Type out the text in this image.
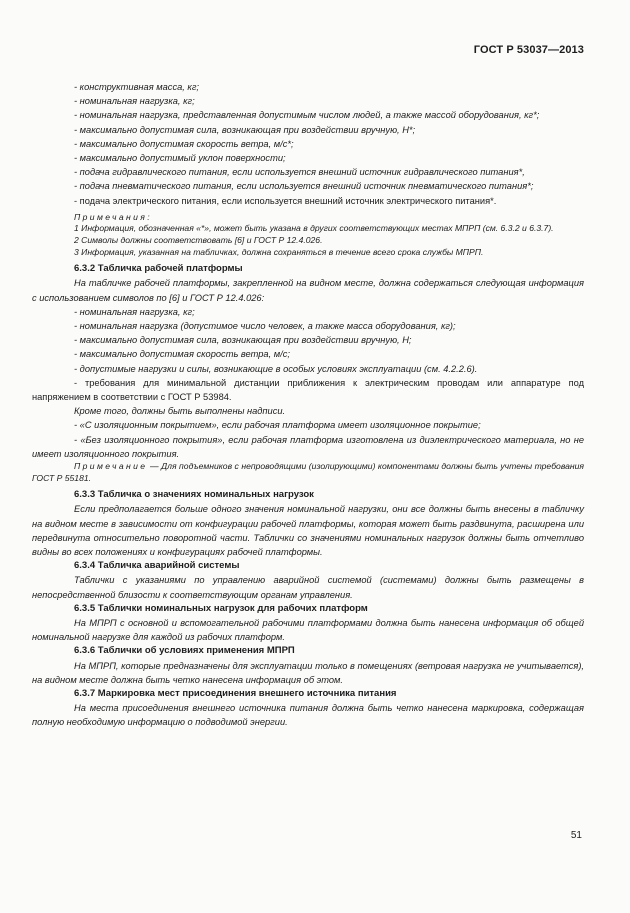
ГОСТ Р 53037—2013

- конструктивная масса, кг;

- номинальная нагрузка, кг;

- номинальная нагрузка, представленная допустимым числом людей, а также массой оборудования, кг*;

- максимально допустимая сила, возникающая при воздействии вручную, Н*;

- максимально допустимая скорость ветра, м/с*;

- максимально допустимый уклон поверхности;

- подача гидравлического питания, если используется внешний источник гидравлического питания*,

- подача пневматического питания, если используется внешний источник пневматического питания*;

- подача электрического питания, если используется внешний источник электрического питания*.

Примечания:

1 Информация, обозначенная «*», может быть указана в других соответствующих местах МПРП (см. 6.3.2 и 6.3.7).

2 Символы должны соответствовать [6] и ГОСТ Р 12.4.026.

3 Информация, указанная на табличках, должна сохраняться в течение всего срока службы МПРП.

6.3.2 Табличка рабочей платформы

На табличке рабочей платформы, закрепленной на видном месте, должна содержаться следующая информация с использованием символов по [6] и ГОСТ Р 12.4.026:

- номинальная нагрузка, кг;

- номинальная нагрузка (допустимое число человек, а также масса оборудования, кг);

- максимально допустимая сила, возникающая при воздействии вручную, Н;

- максимально допустимая скорость ветра, м/с;

- допустимые нагрузки и силы, возникающие в особых условиях эксплуатации (см. 4.2.2.6).

- требования для минимальной дистанции приближения к электрическим проводам или аппаратуре под напряжением в соответствии с ГОСТ Р 53984.

Кроме того, должны быть выполнены надписи.

- «С изоляционным покрытием», если рабочая платформа имеет изоляционное покрытие;

- «Без изоляционного покрытия», если рабочая платформа изготовлена из диэлектрического материала, но не имеет изоляционного покрытия.

Примечание — Для подъемников с непроводящими (изолирующими) компонентами должны быть учтены требования ГОСТ Р 55181.

6.3.3 Табличка о значениях номинальных нагрузок

Если предполагается больше одного значения номинальной нагрузки, они все должны быть внесены в табличку на видном месте в зависимости от конфигурации рабочей платформы, которая может быть раздвинута, расширена или передвинута относительно поворотной части. Таблички со значениями номинальных нагрузок должны быть отчетливо видны во всех положениях и конфигурациях рабочей платформы.

6.3.4 Табличка аварийной системы

Таблички с указаниями по управлению аварийной системой (системами) должны быть размещены в непосредственной близости к соответствующим органам управления.

6.3.5 Таблички номинальных нагрузок для рабочих платформ

На МПРП с основной и вспомогательной рабочими платформами должна быть нанесена информация об общей номинальной нагрузке для каждой из рабочих платформ.

6.3.6 Таблички об условиях применения МПРП

На МПРП, которые предназначены для эксплуатации только в помещениях (ветровая нагрузка не учитывается), на видном месте должна быть четко нанесена информация об этом.

6.3.7 Маркировка мест присоединения внешнего источника питания

На места присоединения внешнего источника питания должна быть четко нанесена маркировка, содержащая полную необходимую информацию о подводимой энергии.

51
